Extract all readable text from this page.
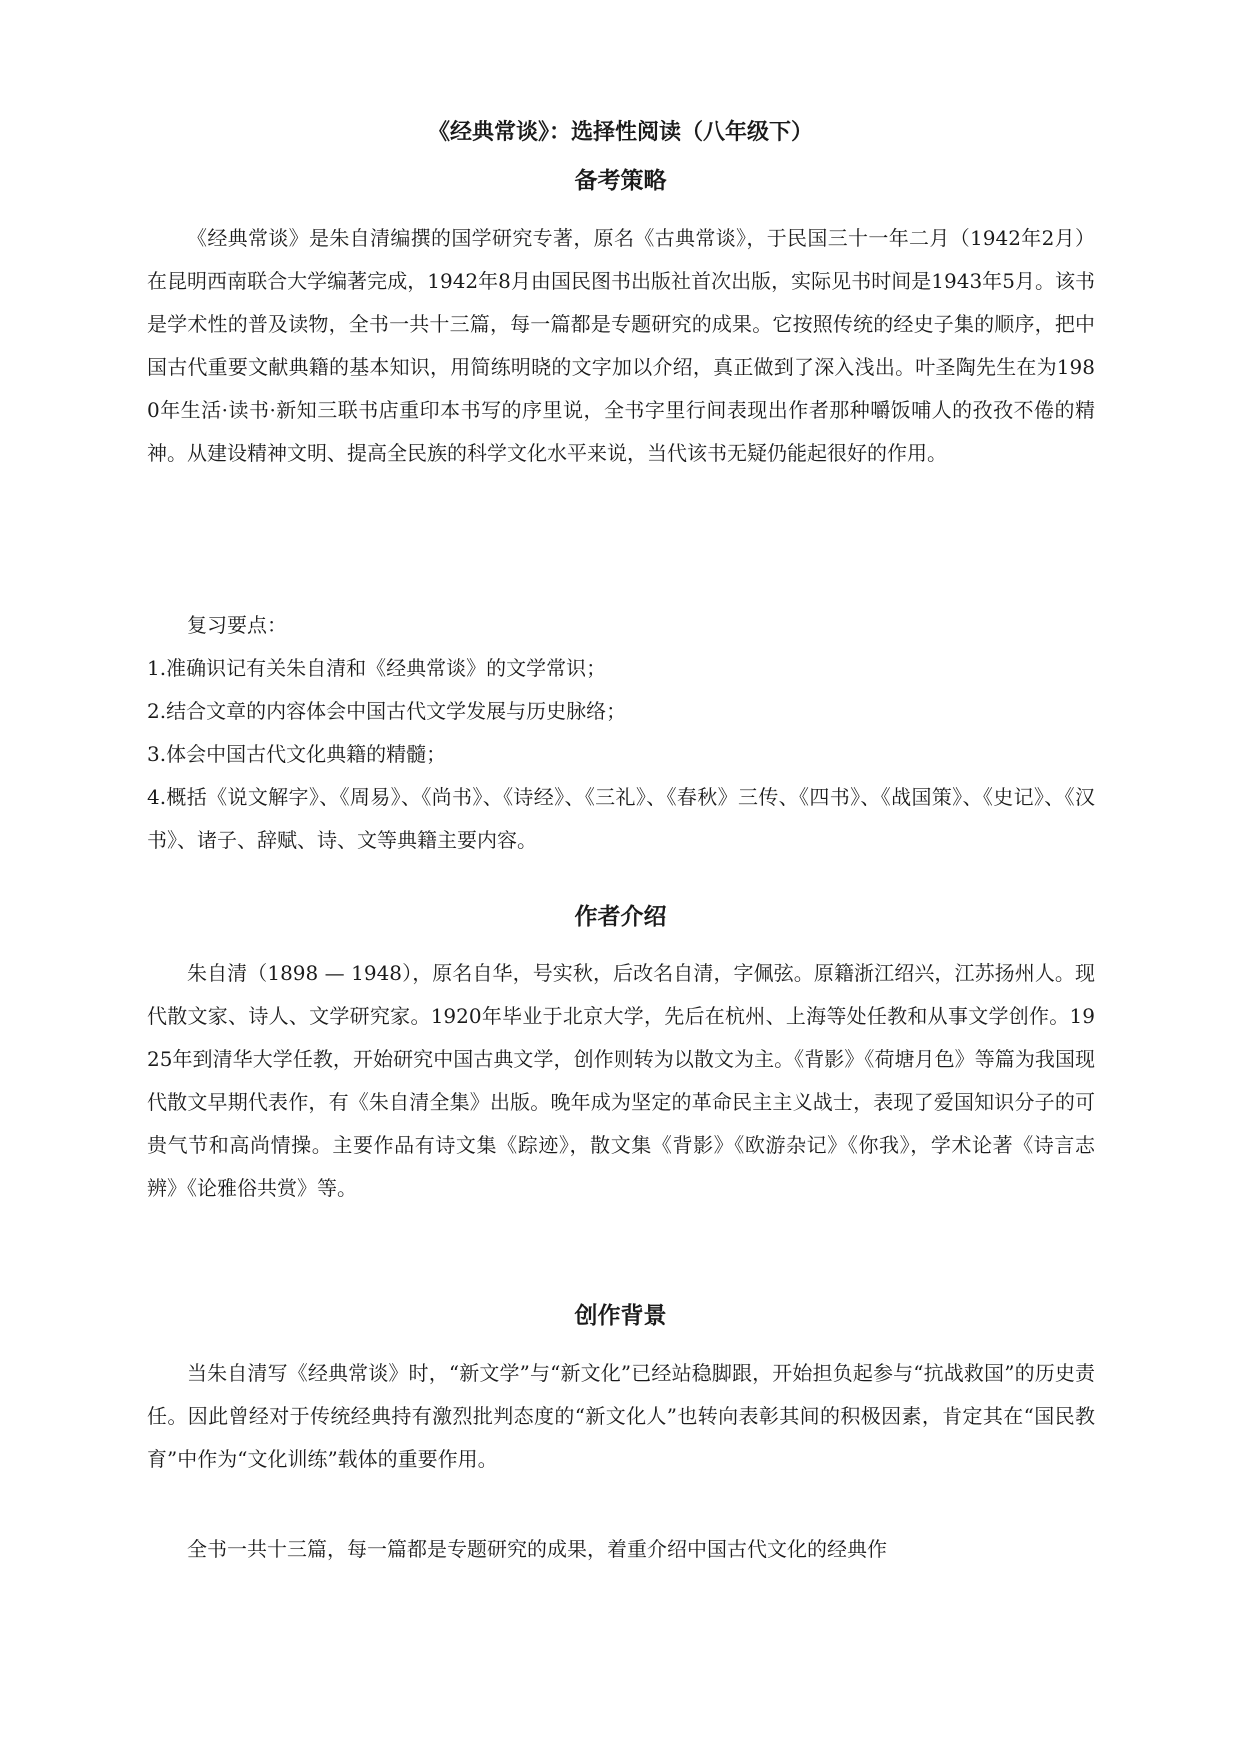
《经典常谈》：选择性阅读（八年级下）
备考策略

《经典常谈》是朱自清编撰的国学研究专著，原名《古典常谈》，于民国三十一年二月（1942年2月）在昆明西南联合大学编著完成，1942年8月由国民图书出版社首次出版，实际见书时间是1943年5月。该书是学术性的普及读物，全书一共十三篇，每一篇都是专题研究的成果。它按照传统的经史子集的顺序，把中国古代重要文献典籍的基本知识，用简练明晓的文字加以介绍，真正做到了深入浅出。叶圣陶先生在为1980年生活·读书·新知三联书店重印本书写的序里说，全书字里行间表现出作者那种嚼饭哺人的孜孜不倦的精神。从建设精神文明、提高全民族的科学文化水平来说，当代该书无疑仍能起很好的作用。

复习要点：

1.准确识记有关朱自清和《经典常谈》的文学常识；

2.结合文章的内容体会中国古代文学发展与历史脉络；

3.体会中国古代文化典籍的精髓；

4.概括《说文解字》、《周易》、《尚书》、《诗经》、《三礼》、《春秋》三传、《四书》、《战国策》、《史记》、《汉书》、诸子、辞赋、诗、文等典籍主要内容。

作者介绍

朱自清（1898 — 1948），原名自华，号实秋，后改名自清，字佩弦。原籍浙江绍兴，江苏扬州人。现代散文家、诗人、文学研究家。1920年毕业于北京大学，先后在杭州、上海等处任教和从事文学创作。1925年到清华大学任教，开始研究中国古典文学，创作则转为以散文为主。《背影》《荷塘月色》等篇为我国现代散文早期代表作，有《朱自清全集》出版。晚年成为坚定的革命民主主义战士，表现了爱国知识分子的可贵气节和高尚情操。主要作品有诗文集《踪迹》，散文集《背影》《欧游杂记》《你我》，学术论著《诗言志辨》《论雅俗共赏》等。

创作背景

当朱自清写《经典常谈》时，“新文学”与“新文化”已经站稳脚跟，开始担负起参与“抗战救国”的历史责任。因此曾经对于传统经典持有激烈批判态度的“新文化人”也转向表彰其间的积极因素，肯定其在“国民教育”中作为“文化训练”载体的重要作用。

全书一共十三篇，每一篇都是专题研究的成果，着重介绍中国古代文化的经典作
